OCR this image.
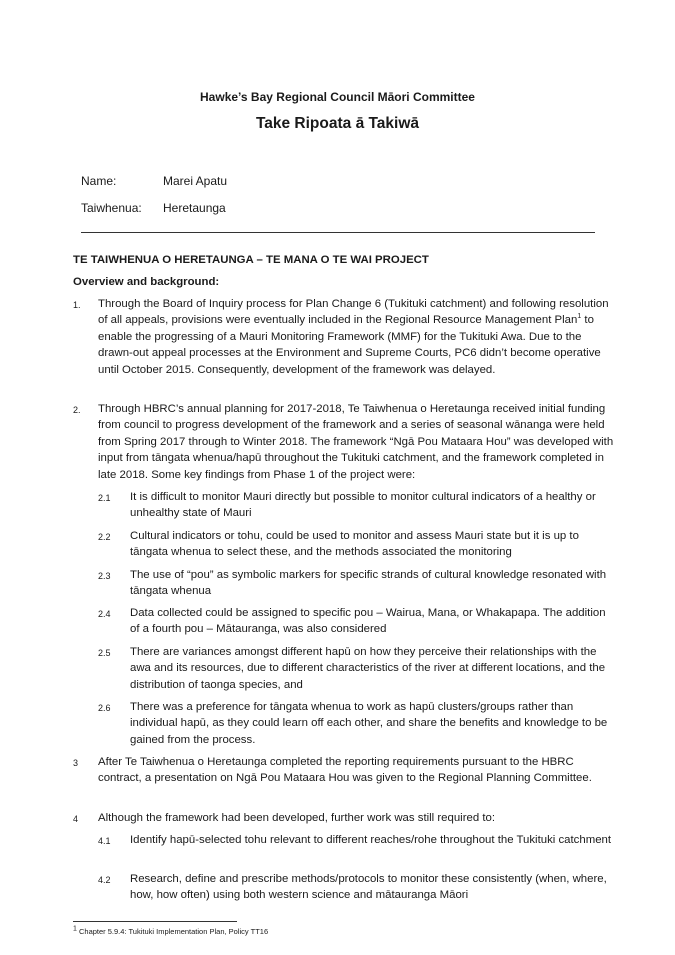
Hawke’s Bay Regional Council Māori Committee
Take Ripoata ā Takiwā
Name:	Marei Apatu
Taiwhenua: Heretaunga
TE TAIWHENUA O HERETAUNGA – TE MANA O TE WAI PROJECT
Overview and background:
1. Through the Board of Inquiry process for Plan Change 6 (Tukituki catchment) and following resolution of all appeals, provisions were eventually included in the Regional Resource Management Plan$^1$ to enable the progressing of a Mauri Monitoring Framework (MMF) for the Tukituki Awa. Due to the drawn-out appeal processes at the Environment and Supreme Courts, PC6 didn’t become operative until October 2015. Consequently, development of the framework was delayed.
2. Through HBRC’s annual planning for 2017-2018, Te Taiwhenua o Heretaunga received initial funding from council to progress development of the framework and a series of seasonal wānanga were held from Spring 2017 through to Winter 2018. The framework “Ngā Pou Mataara Hou” was developed with input from tāngata whenua/hapū throughout the Tukituki catchment, and the framework completed in late 2018. Some key findings from Phase 1 of the project were:
2.1 It is difficult to monitor Mauri directly but possible to monitor cultural indicators of a healthy or unhealthy state of Mauri
2.2 Cultural indicators or tohu, could be used to monitor and assess Mauri state but it is up to tāngata whenua to select these, and the methods associated the monitoring
2.3 The use of “pou” as symbolic markers for specific strands of cultural knowledge resonated with tāngata whenua
2.4 Data collected could be assigned to specific pou – Wairua, Mana, or Whakapapa. The addition of a fourth pou – Mātauranga, was also considered
2.5 There are variances amongst different hapū on how they perceive their relationships with the awa and its resources, due to different characteristics of the river at different locations, and the distribution of taonga species, and
2.6 There was a preference for tāngata whenua to work as hapū clusters/groups rather than individual hapū, as they could learn off each other, and share the benefits and knowledge to be gained from the process.
3 After Te Taiwhenua o Heretaunga completed the reporting requirements pursuant to the HBRC contract, a presentation on Ngā Pou Mataara Hou was given to the Regional Planning Committee.
4 Although the framework had been developed, further work was still required to:
4.1 Identify hapū-selected tohu relevant to different reaches/rohe throughout the Tukituki catchment
4.2 Research, define and prescribe methods/protocols to monitor these consistently (when, where, how, how often) using both western science and mātauranga Māori
$^1$ Chapter 5.9.4: Tukituki Implementation Plan, Policy TT16
